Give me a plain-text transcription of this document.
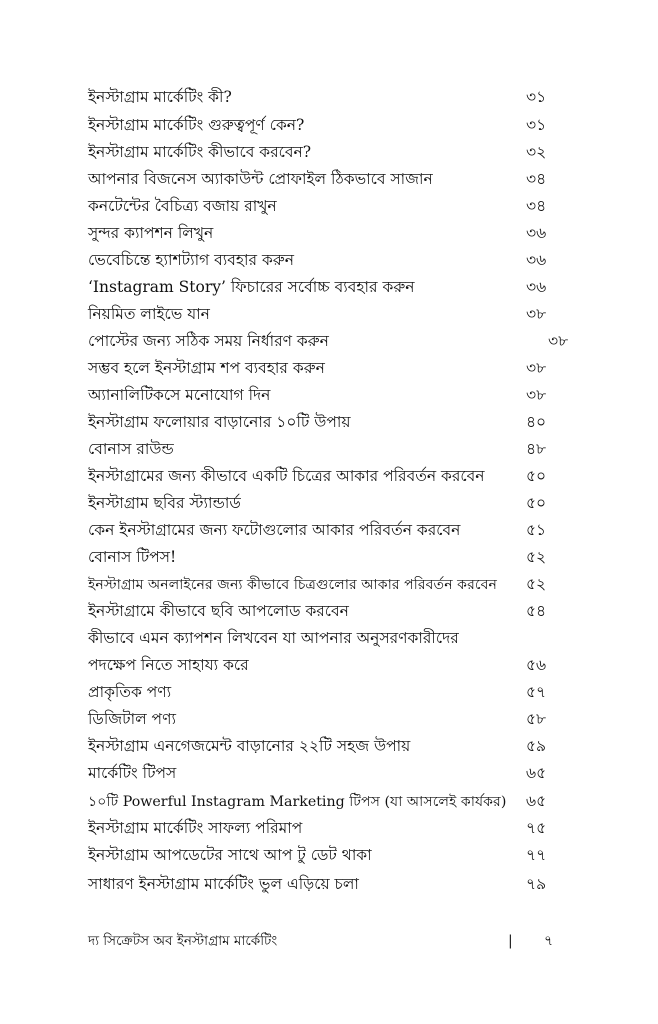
ইনস্টাগ্রাম মার্কেটিং কী?	৩১
ইনস্টাগ্রাম মার্কেটিং গুরুত্বপূর্ণ কেন?	৩১
ইনস্টাগ্রাম মার্কেটিং কীভাবে করবেন?	৩২
আপনার বিজনেস অ্যাকাউন্ট প্রোফাইল ঠিকভাবে সাজান	৩৪
কনটেন্টের বৈচিত্র্য বজায় রাখুন	৩৪
সুন্দর ক্যাপশন লিখুন	৩৬
ভেবেচিন্তে হ্যাশট্যাগ ব্যবহার করুন	৩৬
‘Instagram Story’ ফিচারের সর্বোচ্চ ব্যবহার করুন	৩৬
নিয়মিত লাইভে যান	৩৮
পোস্টের জন্য সঠিক সময় নির্ধারণ করুন	৩৮
সম্ভব হলে ইনস্টাগ্রাম শপ ব্যবহার করুন	৩৮
অ্যানালিটিকসে মনোযোগ দিন	৩৮
ইনস্টাগ্রাম ফলোয়ার বাড়ানোর ১০টি উপায়	৪০
বোনাস রাউন্ড	৪৮
ইনস্টাগ্রামের জন্য কীভাবে একটি চিত্রের আকার পরিবর্তন করবেন	৫০
ইনস্টাগ্রাম ছবির স্ট্যান্ডার্ড	৫০
কেন ইনস্টাগ্রামের জন্য ফটোগুলোর আকার পরিবর্তন করবেন	৫১
বোনাস টিপস!	৫২
ইনস্টাগ্রাম অনলাইনের জন্য কীভাবে চিত্রগুলোর আকার পরিবর্তন করবেন ৫২
ইনস্টাগ্রামে কীভাবে ছবি আপলোড করবেন	৫৪
কীভাবে এমন ক্যাপশন লিখবেন যা আপনার অনুসরণকারীদের
পদক্ষেপ নিতে সাহায্য করে	৫৬
প্রাকৃতিক পণ্য	৫৭
ডিজিটাল পণ্য	৫৮
ইনস্টাগ্রাম এনগেজমেন্ট বাড়ানোর ২২টি সহজ উপায়	৫৯
মার্কেটিং টিপস	৬৫
১০টি Powerful Instagram Marketing টিপস (যা আসলেই কার্যকর) ৬৫
ইনস্টাগ্রাম মার্কেটিং সাফল্য পরিমাপ	৭৫
ইনস্টাগ্রাম আপডেটের সাথে আপ টু ডেট থাকা	৭৭
সাধারণ ইনস্টাগ্রাম মার্কেটিং ভুল এড়িয়ে চলা	৭৯
দ্য সিক্রেটস অব ইনস্টাগ্রাম মার্কেটিং	| ৭
